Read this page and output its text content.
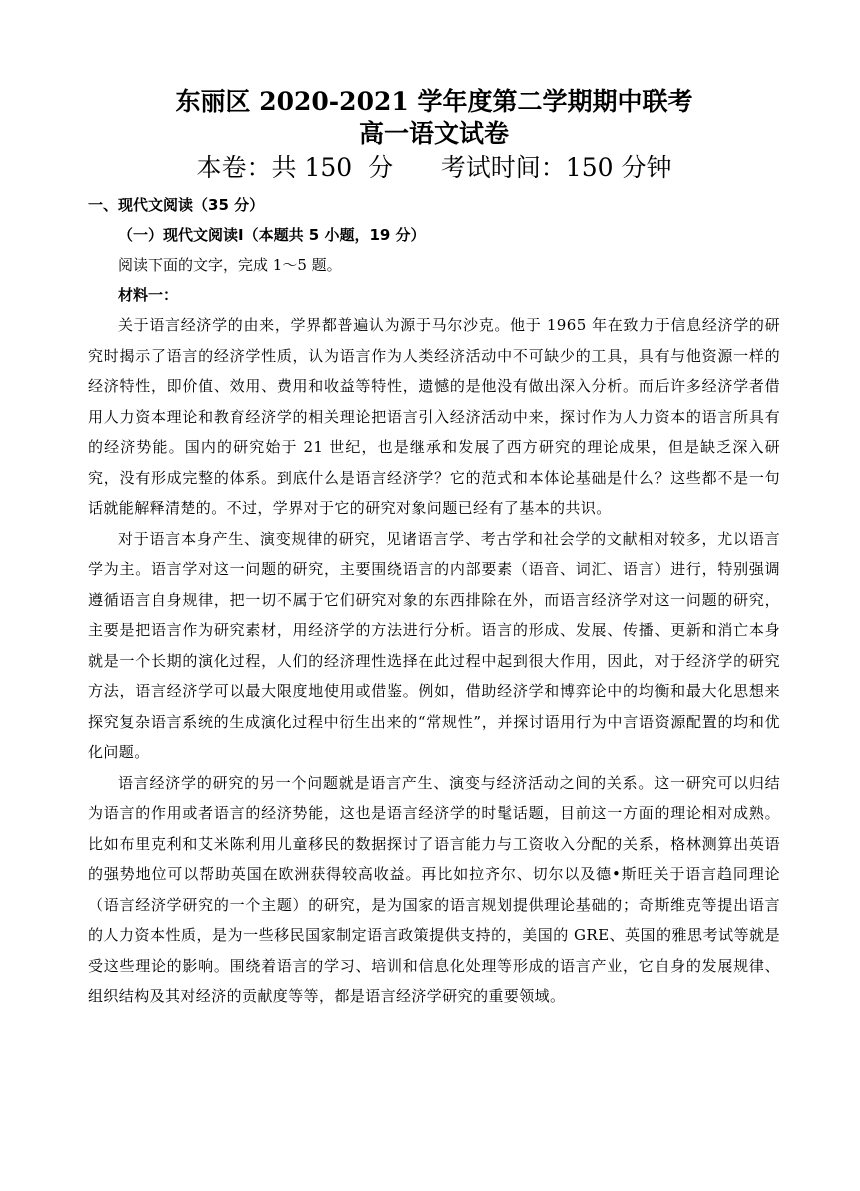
东丽区 2020-2021 学年度第二学期期中联考
高一语文试卷

本卷：共 150  分      考试时间：150 分钟

一、现代文阅读（35 分）

（一）现代文阅读Ⅰ（本题共 5 小题，19 分）

阅读下面的文字，完成 1～5 题。

材料一：

关于语言经济学的由来，学界都普遍认为源于马尔沙克。他于 1965 年在致力于信息经济学的研究时揭示了语言的经济学性质，认为语言作为人类经济活动中不可缺少的工具，具有与他资源一样的经济特性，即价值、效用、费用和收益等特性，遗憾的是他没有做出深入分析。而后许多经济学者借用人力资本理论和教育经济学的相关理论把语言引入经济活动中来，探讨作为人力资本的语言所具有的经济势能。国内的研究始于 21 世纪，也是继承和发展了西方研究的理论成果，但是缺乏深入研究，没有形成完整的体系。到底什么是语言经济学？它的范式和本体论基础是什么？这些都不是一句话就能解释清楚的。不过，学界对于它的研究对象问题已经有了基本的共识。

对于语言本身产生、演变规律的研究，见诸语言学、考古学和社会学的文献相对较多，尤以语言学为主。语言学对这一问题的研究，主要围绕语言的内部要素（语音、词汇、语言）进行，特别强调遵循语言自身规律，把一切不属于它们研究对象的东西排除在外，而语言经济学对这一问题的研究，主要是把语言作为研究素材，用经济学的方法进行分析。语言的形成、发展、传播、更新和消亡本身就是一个长期的演化过程，人们的经济理性选择在此过程中起到很大作用，因此，对于经济学的研究方法，语言经济学可以最大限度地使用或借鉴。例如，借助经济学和博弈论中的均衡和最大化思想来探究复杂语言系统的生成演化过程中衍生出来的“常规性”，并探讨语用行为中言语资源配置的均和优化问题。

语言经济学的研究的另一个问题就是语言产生、演变与经济活动之间的关系。这一研究可以归结为语言的作用或者语言的经济势能，这也是语言经济学的时髦话题，目前这一方面的理论相对成熟。比如布里克利和艾米陈利用儿童移民的数据探讨了语言能力与工资收入分配的关系，格林测算出英语的强势地位可以帮助英国在欧洲获得较高收益。再比如拉齐尔、切尔以及德•斯旺关于语言趋同理论（语言经济学研究的一个主题）的研究，是为国家的语言规划提供理论基础的；奇斯维克等提出语言的人力资本性质，是为一些移民国家制定语言政策提供支持的，美国的 GRE、英国的雅思考试等就是受这些理论的影响。围绕着语言的学习、培训和信息化处理等形成的语言产业，它自身的发展规律、组织结构及其对经济的贡献度等等，都是语言经济学研究的重要领域。
